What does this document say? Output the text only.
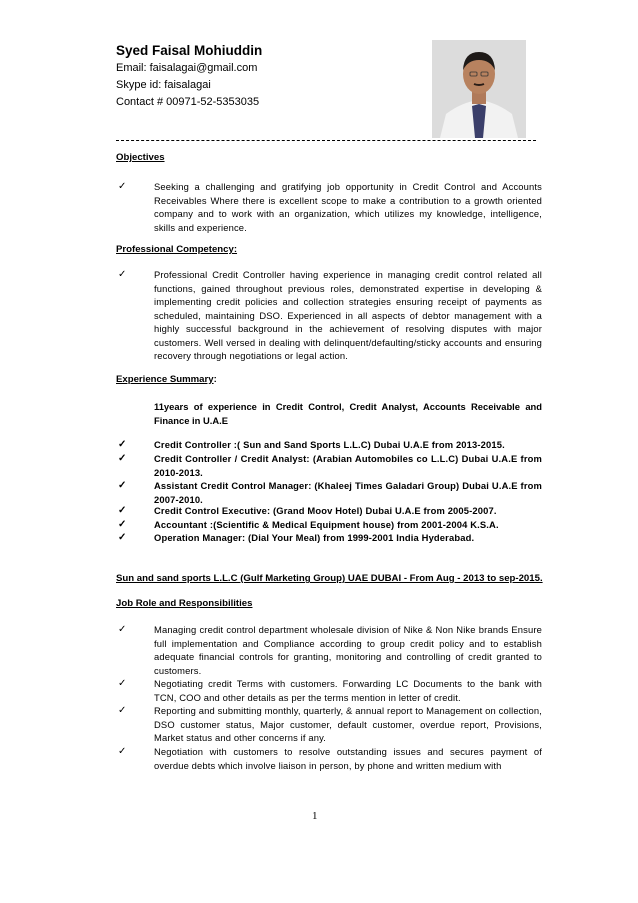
Syed Faisal Mohiuddin
Email: faisalagai@gmail.com
Skype id: faisalagai
Contact # 00971-52-5353035
Objectives
✓	Seeking a challenging and gratifying job opportunity in Credit Control and Accounts Receivables Where there is excellent scope to make a contribution to a growth oriented company and to work with an organization, which utilizes my knowledge, intelligence, skills and experience.
Professional Competency:
✓	Professional Credit Controller having experience in managing credit control related all functions, gained throughout previous roles, demonstrated expertise in developing & implementing credit policies and collection strategies ensuring receipt of payments as scheduled, maintaining DSO. Experienced in all aspects of debtor management with a highly successful background in the achievement of resolving disputes with major customers. Well versed in dealing with delinquent/defaulting/sticky accounts and ensuring recovery through negotiations or legal action.
Experience Summary:
11years of experience in Credit Control, Credit Analyst, Accounts Receivable and Finance in U.A.E
✓	Credit Controller :( Sun and Sand Sports L.L.C) Dubai U.A.E from 2013-2015.
✓	Credit Controller / Credit Analyst: (Arabian Automobiles co L.L.C) Dubai U.A.E from 2010-2013.
✓	Assistant Credit Control Manager: (Khaleej Times Galadari Group) Dubai U.A.E from 2007-2010.
✓	Credit Control Executive: (Grand Moov Hotel) Dubai U.A.E from 2005-2007.
✓	Accountant :(Scientific & Medical Equipment house) from 2001-2004 K.S.A.
✓	Operation Manager: (Dial Your Meal) from 1999-2001 India Hyderabad.
Sun and sand sports L.L.C (Gulf Marketing Group) UAE DUBAI - From Aug - 2013 to sep-2015.
Job Role and Responsibilities
✓	Managing credit control department wholesale division of Nike & Non Nike brands Ensure full implementation and Compliance according to group credit policy and to establish adequate financial controls for granting, monitoring and controlling of credit granted to customers.
✓	Negotiating credit Terms with customers. Forwarding LC Documents to the bank with TCN, COO and other details as per the terms mention in letter of credit.
✓	Reporting and submitting monthly, quarterly, & annual report to Management on collection, DSO customer status, Major customer, default customer, overdue report, Provisions, Market status and other concerns if any.
✓	Negotiation with customers to resolve outstanding issues and secures payment of overdue debts which involve liaison in person, by phone and written medium with
1
